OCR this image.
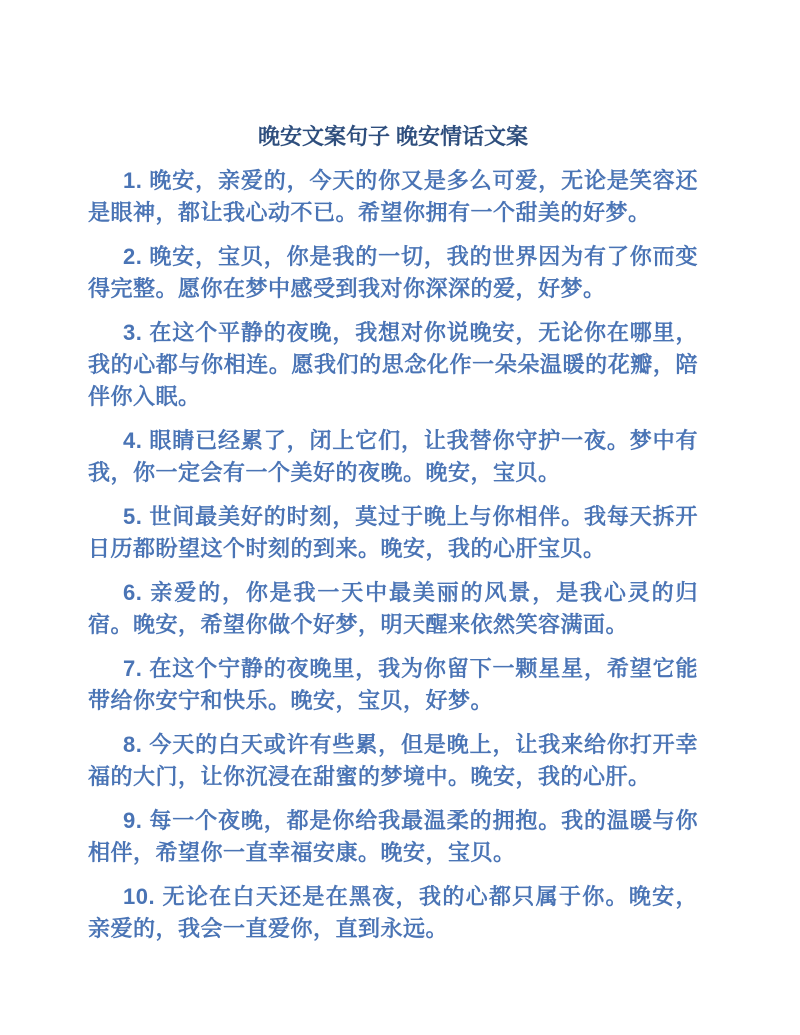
晚安文案句子 晚安情话文案

1. 晚安，亲爱的，今天的你又是多么可爱，无论是笑容还是眼神，都让我心动不已。希望你拥有一个甜美的好梦。

2. 晚安，宝贝，你是我的一切，我的世界因为有了你而变得完整。愿你在梦中感受到我对你深深的爱，好梦。

3. 在这个平静的夜晚，我想对你说晚安，无论你在哪里，我的心都与你相连。愿我们的思念化作一朵朵温暖的花瓣，陪伴你入眠。

4. 眼睛已经累了，闭上它们，让我替你守护一夜。梦中有我，你一定会有一个美好的夜晚。晚安，宝贝。

5. 世间最美好的时刻，莫过于晚上与你相伴。我每天拆开日历都盼望这个时刻的到来。晚安，我的心肝宝贝。

6. 亲爱的，你是我一天中最美丽的风景，是我心灵的归宿。晚安，希望你做个好梦，明天醒来依然笑容满面。

7. 在这个宁静的夜晚里，我为你留下一颗星星，希望它能带给你安宁和快乐。晚安，宝贝，好梦。

8. 今天的白天或许有些累，但是晚上，让我来给你打开幸福的大门，让你沉浸在甜蜜的梦境中。晚安，我的心肝。

9. 每一个夜晚，都是你给我最温柔的拥抱。我的温暖与你相伴，希望你一直幸福安康。晚安，宝贝。

10. 无论在白天还是在黑夜，我的心都只属于你。晚安，亲爱的，我会一直爱你，直到永远。
